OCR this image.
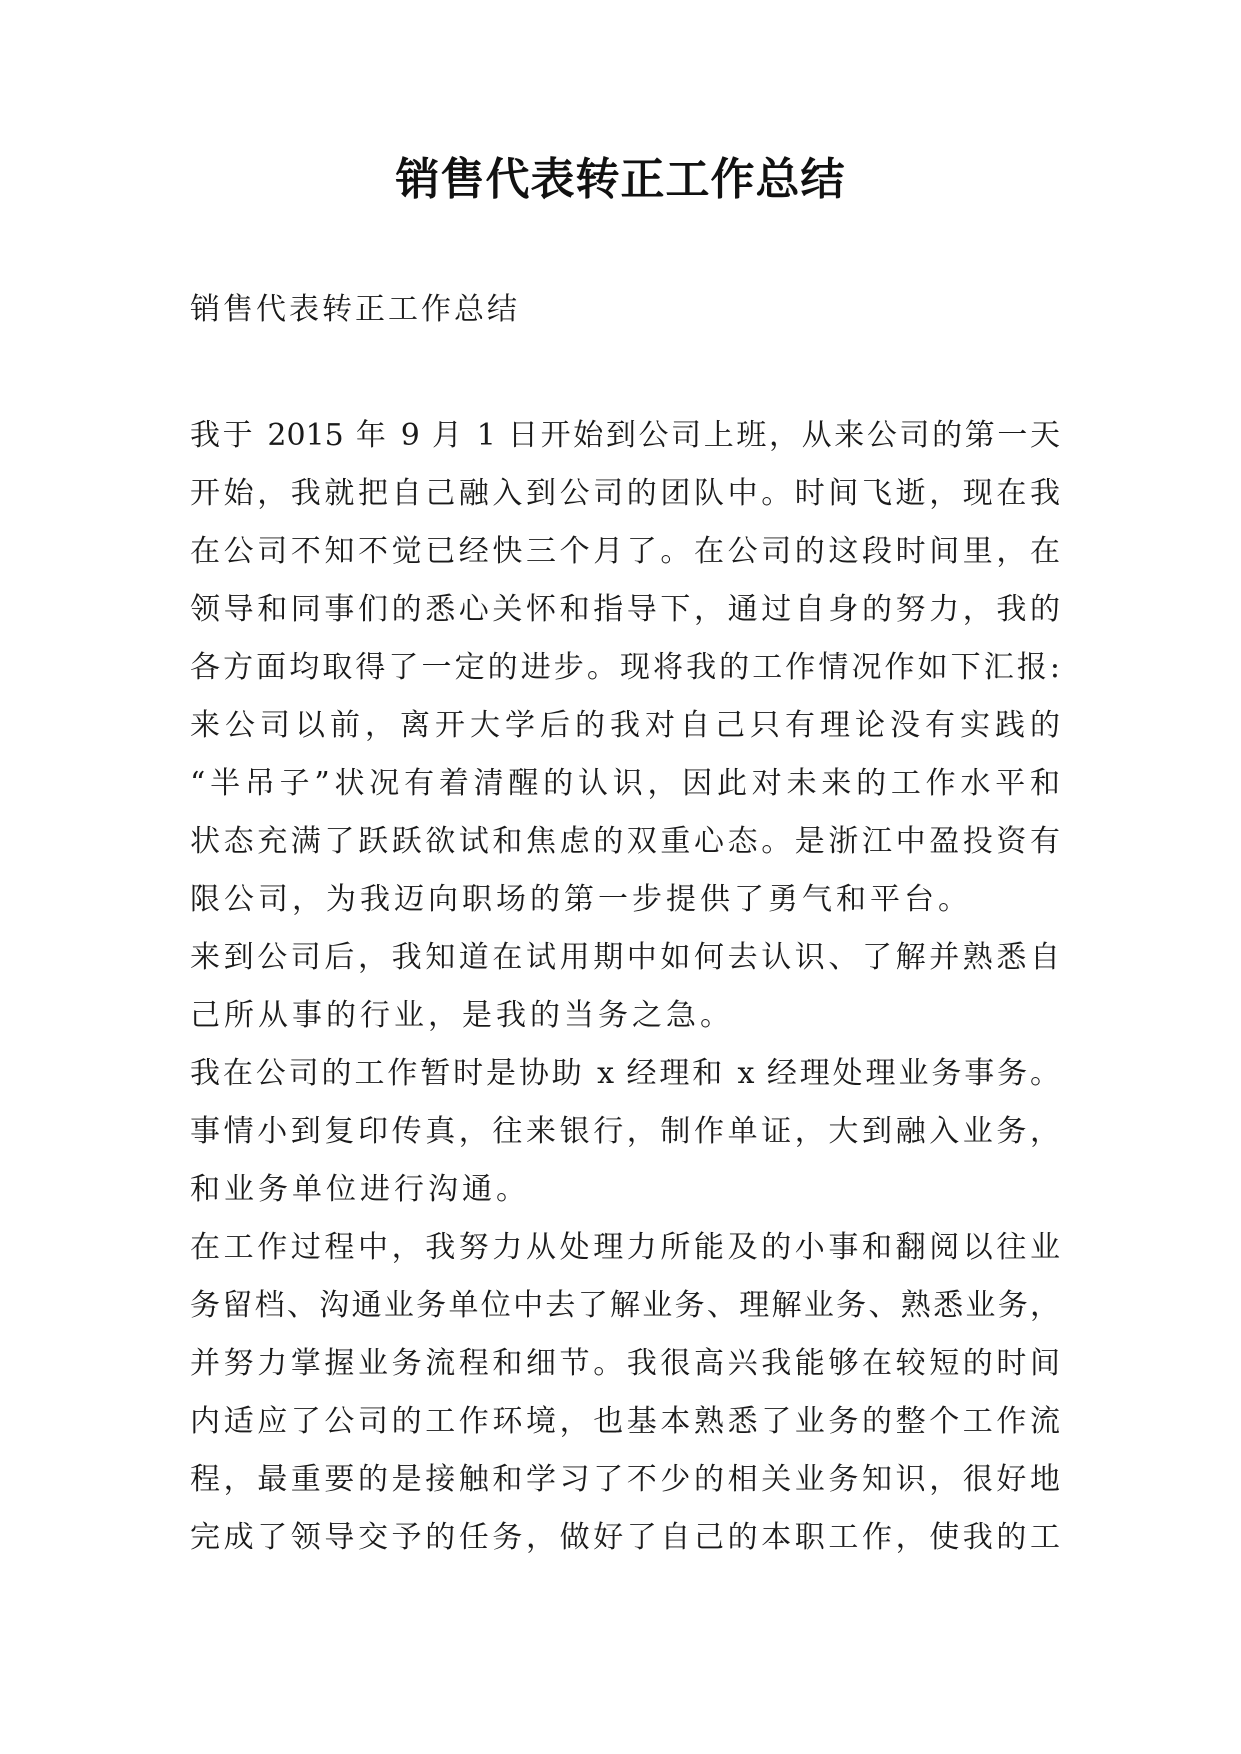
销售代表转正工作总结
销售代表转正工作总结
我于 2015 年 9 月 1 日开始到公司上班，从来公司的第一天
开始，我就把自己融入到公司的团队中。时间飞逝，现在我
在公司不知不觉已经快三个月了。在公司的这段时间里，在
领导和同事们的悉心关怀和指导下，通过自身的努力，我的
各方面均取得了一定的进步。现将我的工作情况作如下汇报:
来公司以前，离开大学后的我对自己只有理论没有实践的
“半吊子”状况有着清醒的认识，因此对未来的工作水平和
状态充满了跃跃欲试和焦虑的双重心态。是浙江中盈投资有
限公司，为我迈向职场的第一步提供了勇气和平台。
来到公司后，我知道在试用期中如何去认识、了解并熟悉自
己所从事的行业，是我的当务之急。
我在公司的工作暂时是协助 x 经理和 x 经理处理业务事务。
事情小到复印传真，往来银行，制作单证，大到融入业务，
和业务单位进行沟通。
在工作过程中，我努力从处理力所能及的小事和翻阅以往业
务留档、沟通业务单位中去了解业务、理解业务、熟悉业务，
并努力掌握业务流程和细节。我很高兴我能够在较短的时间
内适应了公司的工作环境，也基本熟悉了业务的整个工作流
程，最重要的是接触和学习了不少的相关业务知识，很好地
完成了领导交予的任务，做好了自己的本职工作，使我的工
